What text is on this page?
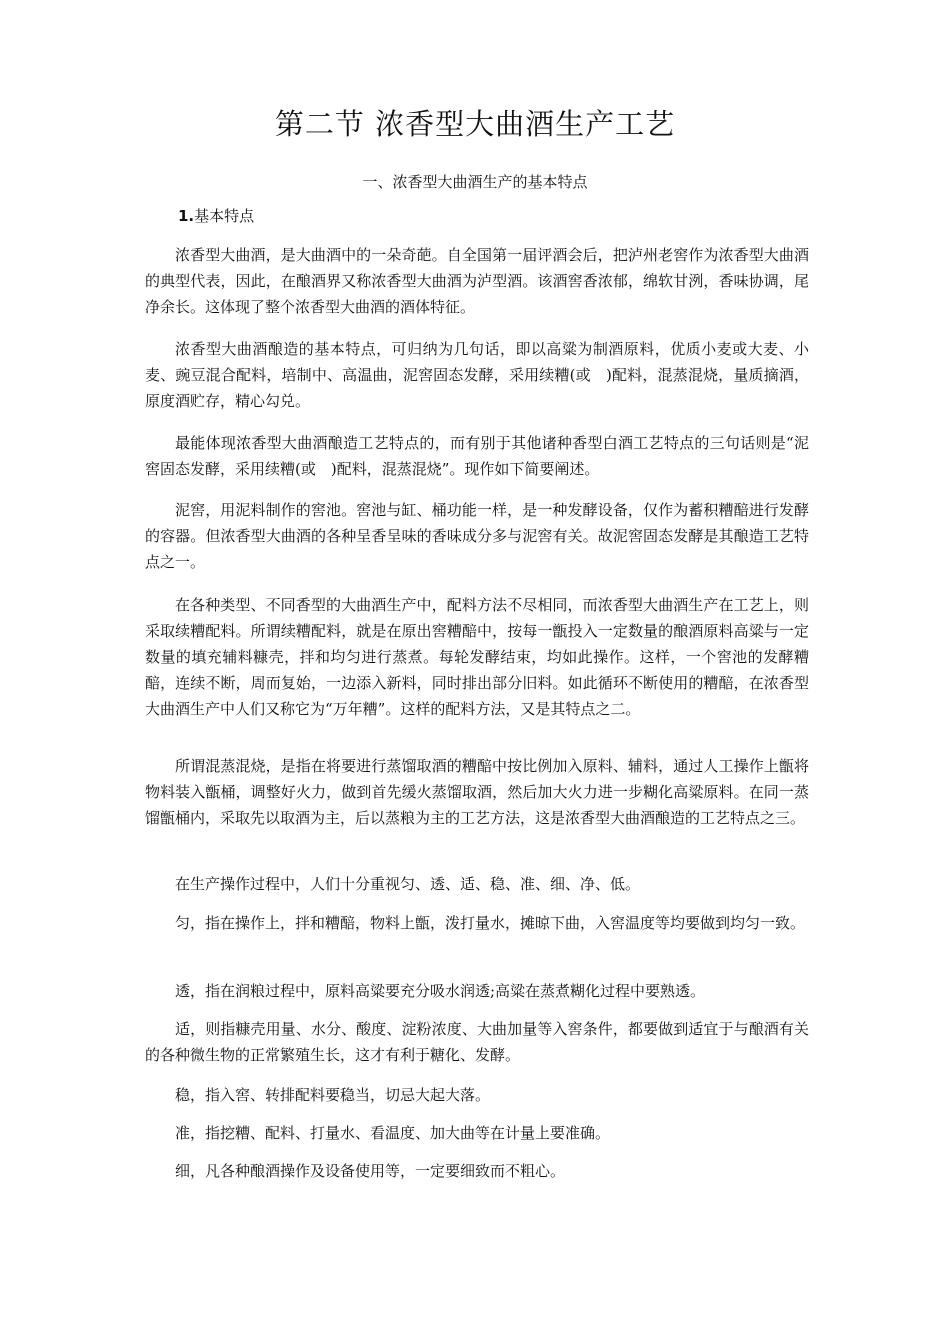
第二节 浓香型大曲酒生产工艺
一、浓香型大曲酒生产的基本特点
1.基本特点

浓香型大曲酒，是大曲酒中的一朵奇葩。自全国第一届评酒会后，把泸州老窖作为浓香型大曲酒的典型代表，因此，在酿酒界又称浓香型大曲酒为泸型酒。该酒窖香浓郁，绵软甘洌，香味协调，尾净余长。这体现了整个浓香型大曲酒的酒体特征。

浓香型大曲酒酿造的基本特点，可归纳为几句话，即以高粱为制酒原料，优质小麦或大麦、小麦、豌豆混合配料，培制中、高温曲，泥窖固态发酵，采用续糟(或　)配料，混蒸混烧，量质摘酒，原度酒贮存，精心勾兑。

最能体现浓香型大曲酒酿造工艺特点的，而有别于其他诸种香型白酒工艺特点的三句话则是“泥窖固态发酵，采用续糟(或　)配料，混蒸混烧”。现作如下简要阐述。

泥窖，用泥料制作的窖池。窖池与缸、桶功能一样，是一种发酵设备，仅作为蓄积糟醅进行发酵的容器。但浓香型大曲酒的各种呈香呈味的香味成分多与泥窖有关。故泥窖固态发酵是其酿造工艺特点之一。

在各种类型、不同香型的大曲酒生产中，配料方法不尽相同，而浓香型大曲酒生产在工艺上，则采取续糟配料。所谓续糟配料，就是在原出窖糟醅中，按每一甑投入一定数量的酿酒原料高粱与一定数量的填充辅料糠壳，拌和均匀进行蒸煮。每轮发酵结束，均如此操作。这样，一个窖池的发酵糟醅，连续不断，周而复始，一边添入新料，同时排出部分旧料。如此循环不断使用的糟醅，在浓香型大曲酒生产中人们又称它为“万年糟”。这样的配料方法，又是其特点之二。

所谓混蒸混烧，是指在将要进行蒸馏取酒的糟醅中按比例加入原料、辅料，通过人工操作上甑将物料装入甑桶，调整好火力，做到首先缓火蒸馏取酒，然后加大火力进一步糊化高粱原料。在同一蒸馏甑桶内，采取先以取酒为主，后以蒸粮为主的工艺方法，这是浓香型大曲酒酿造的工艺特点之三。

在生产操作过程中，人们十分重视匀、透、适、稳、准、细、净、低。

匀，指在操作上，拌和糟醅，物料上甑，泼打量水，摊晾下曲，入窖温度等均要做到均匀一致。

透，指在润粮过程中，原料高粱要充分吸水润透;高粱在蒸煮糊化过程中要熟透。

适，则指糠壳用量、水分、酸度、淀粉浓度、大曲加量等入窖条件，都要做到适宜于与酿酒有关的各种微生物的正常繁殖生长，这才有利于糖化、发酵。

稳，指入窖、转排配料要稳当，切忌大起大落。

准，指挖糟、配料、打量水、看温度、加大曲等在计量上要准确。

细，凡各种酿酒操作及设备使用等，一定要细致而不粗心。
